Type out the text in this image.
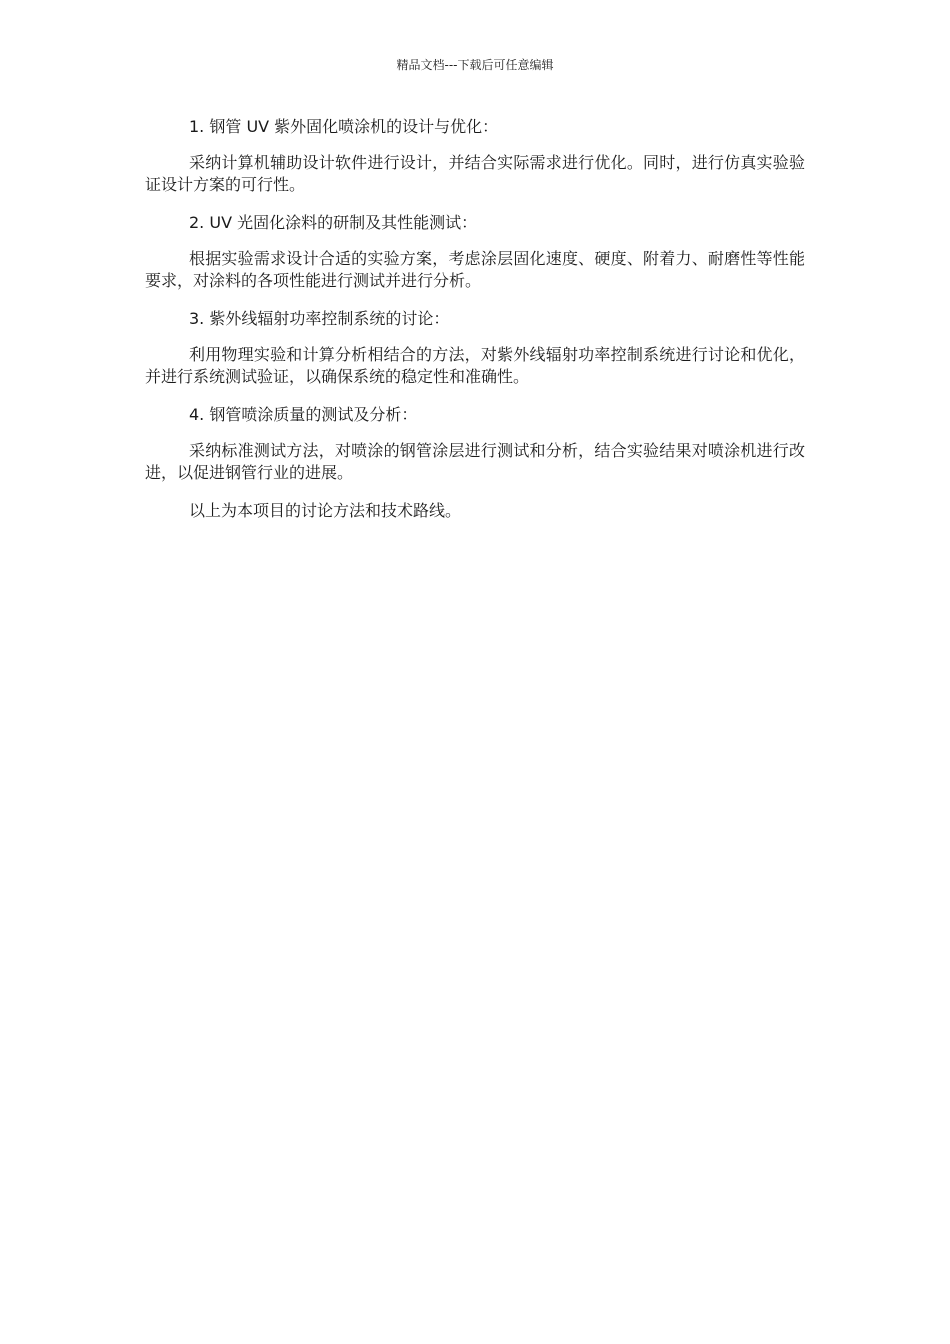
精品文档---下载后可任意编辑

1. 钢管 UV 紫外固化喷涂机的设计与优化：

采纳计算机辅助设计软件进行设计，并结合实际需求进行优化。同时，进行仿真实验验证设计方案的可行性。

2. UV 光固化涂料的研制及其性能测试：

根据实验需求设计合适的实验方案，考虑涂层固化速度、硬度、附着力、耐磨性等性能要求，对涂料的各项性能进行测试并进行分析。

3. 紫外线辐射功率控制系统的讨论：

利用物理实验和计算分析相结合的方法，对紫外线辐射功率控制系统进行讨论和优化，并进行系统测试验证，以确保系统的稳定性和准确性。

4. 钢管喷涂质量的测试及分析：

采纳标准测试方法，对喷涂的钢管涂层进行测试和分析，结合实验结果对喷涂机进行改进，以促进钢管行业的进展。

以上为本项目的讨论方法和技术路线。
